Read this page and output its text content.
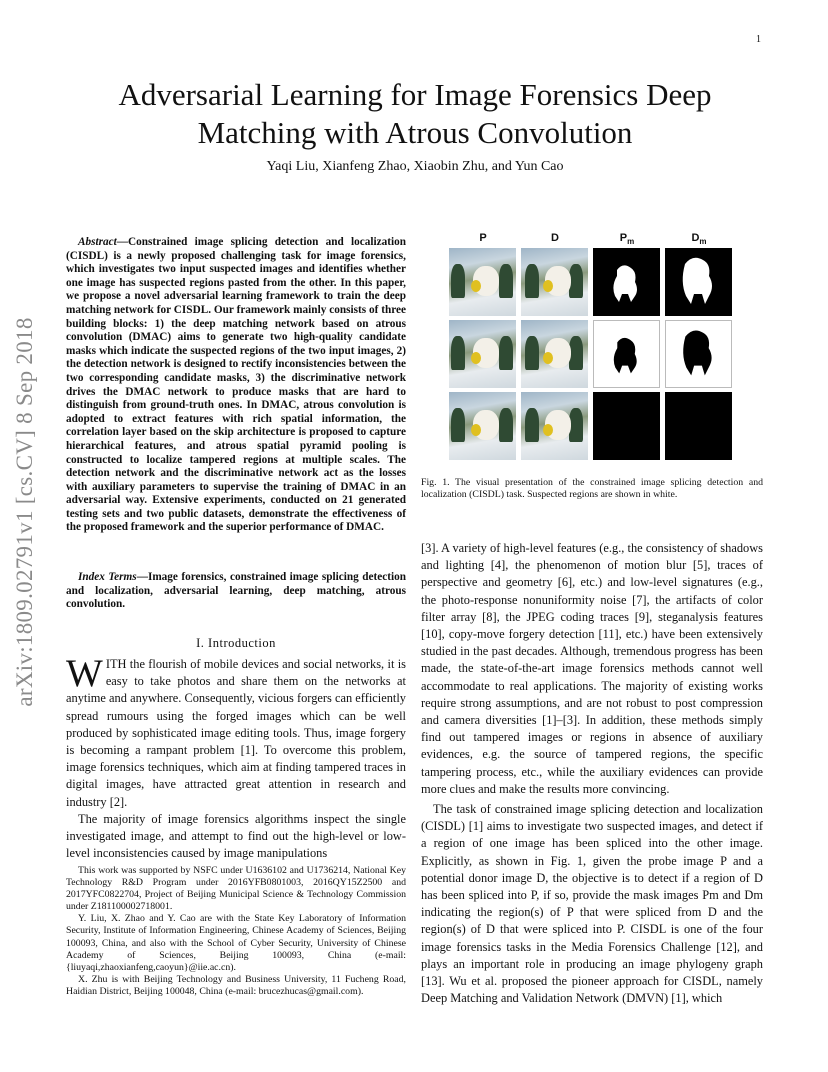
1
arXiv:1809.02791v1 [cs.CV] 8 Sep 2018
Adversarial Learning for Image Forensics Deep Matching with Atrous Convolution
Yaqi Liu, Xianfeng Zhao, Xiaobin Zhu, and Yun Cao

Abstract—Constrained image splicing detection and localization (CISDL) is a newly proposed challenging task for image forensics, which investigates two input suspected images and identifies whether one image has suspected regions pasted from the other. In this paper, we propose a novel adversarial learning framework to train the deep matching network for CISDL. Our framework mainly consists of three building blocks: 1) the deep matching network based on atrous convolution (DMAC) aims to generate two high-quality candidate masks which indicate the suspected regions of the two input images, 2) the detection network is designed to rectify inconsistencies between the two corresponding candidate masks, 3) the discriminative network drives the DMAC network to produce masks that are hard to distinguish from ground-truth ones. In DMAC, atrous convolution is adopted to extract features with rich spatial information, the correlation layer based on the skip architecture is proposed to capture hierarchical features, and atrous spatial pyramid pooling is constructed to localize tampered regions at multiple scales. The detection network and the discriminative network act as the losses with auxiliary parameters to supervise the training of DMAC in an adversarial way. Extensive experiments, conducted on 21 generated testing sets and two public datasets, demonstrate the effectiveness of the proposed framework and the superior performance of DMAC.

Index Terms—Image forensics, constrained image splicing detection and localization, adversarial learning, deep matching, atrous convolution.

I. Introduction

WITH the flourish of mobile devices and social networks, it is easy to take photos and share them on the networks at anytime and anywhere. Consequently, vicious forgers can efficiently spread rumours using the forged images which can be well produced by sophisticated image editing tools. Thus, image forgery is becoming a rampant problem [1]. To overcome this problem, image forensics techniques, which aim at finding tampered traces in digital images, have attracted great attention in research and industry [2].

The majority of image forensics algorithms inspect the single investigated image, and attempt to find out the high-level or low-level inconsistencies caused by image manipulations

This work was supported by NSFC under U1636102 and U1736214, National Key Technology R&D Program under 2016YFB0801003, 2016QY15Z2500 and 2017YFC0822704, Project of Beijing Municipal Science & Technology Commission under Z181100002718001.

Y. Liu, X. Zhao and Y. Cao are with the State Key Laboratory of Information Security, Institute of Information Engineering, Chinese Academy of Sciences, Beijing 100093, China, and also with the School of Cyber Security, University of Chinese Academy of Sciences, Beijing 100093, China (e-mail: {liuyaqi,zhaoxianfeng,caoyun}@iie.ac.cn).

X. Zhu is with Beijing Technology and Business University, 11 Fucheng Road, Haidian District, Beijing 100048, China (e-mail: brucezhucas@gmail.com).

P	D	$P_m$	$D_m$
Fig. 1. The visual presentation of the constrained image splicing detection and localization (CISDL) task. Suspected regions are shown in white.

[3]. A variety of high-level features (e.g., the consistency of shadows and lighting [4], the phenomenon of motion blur [5], traces of perspective and geometry [6], etc.) and low-level signatures (e.g., the photo-response nonuniformity noise [7], the artifacts of color filter array [8], the JPEG coding traces [9], steganalysis features [10], copy-move forgery detection [11], etc.) have been extensively studied in the past decades. Although, tremendous progress has been made, the state-of-the-art image forensics methods cannot well accommodate to real applications. The majority of existing works require strong assumptions, and are not robust to post compression and camera diversities [1]–[3]. In addition, these methods simply find out tampered images or regions in absence of auxiliary evidences, e.g. the source of tampered regions, the specific tampering process, etc., while the auxiliary evidences can provide more clues and make the results more convincing.

The task of constrained image splicing detection and localization (CISDL) [1] aims to investigate two suspected images, and detect if a region of one image has been spliced into the other image. Explicitly, as shown in Fig. 1, given the probe image P and a potential donor image D, the objective is to detect if a region of D has been spliced into P, if so, provide the mask images Pm and Dm indicating the region(s) of P that were spliced from D and the region(s) of D that were spliced into P. CISDL is one of the four image forensics tasks in the Media Forensics Challenge [12], and plays an important role in producing an image phylogeny graph [13]. Wu et al. proposed the pioneer approach for CISDL, namely Deep Matching and Validation Network (DMVN) [1], which
